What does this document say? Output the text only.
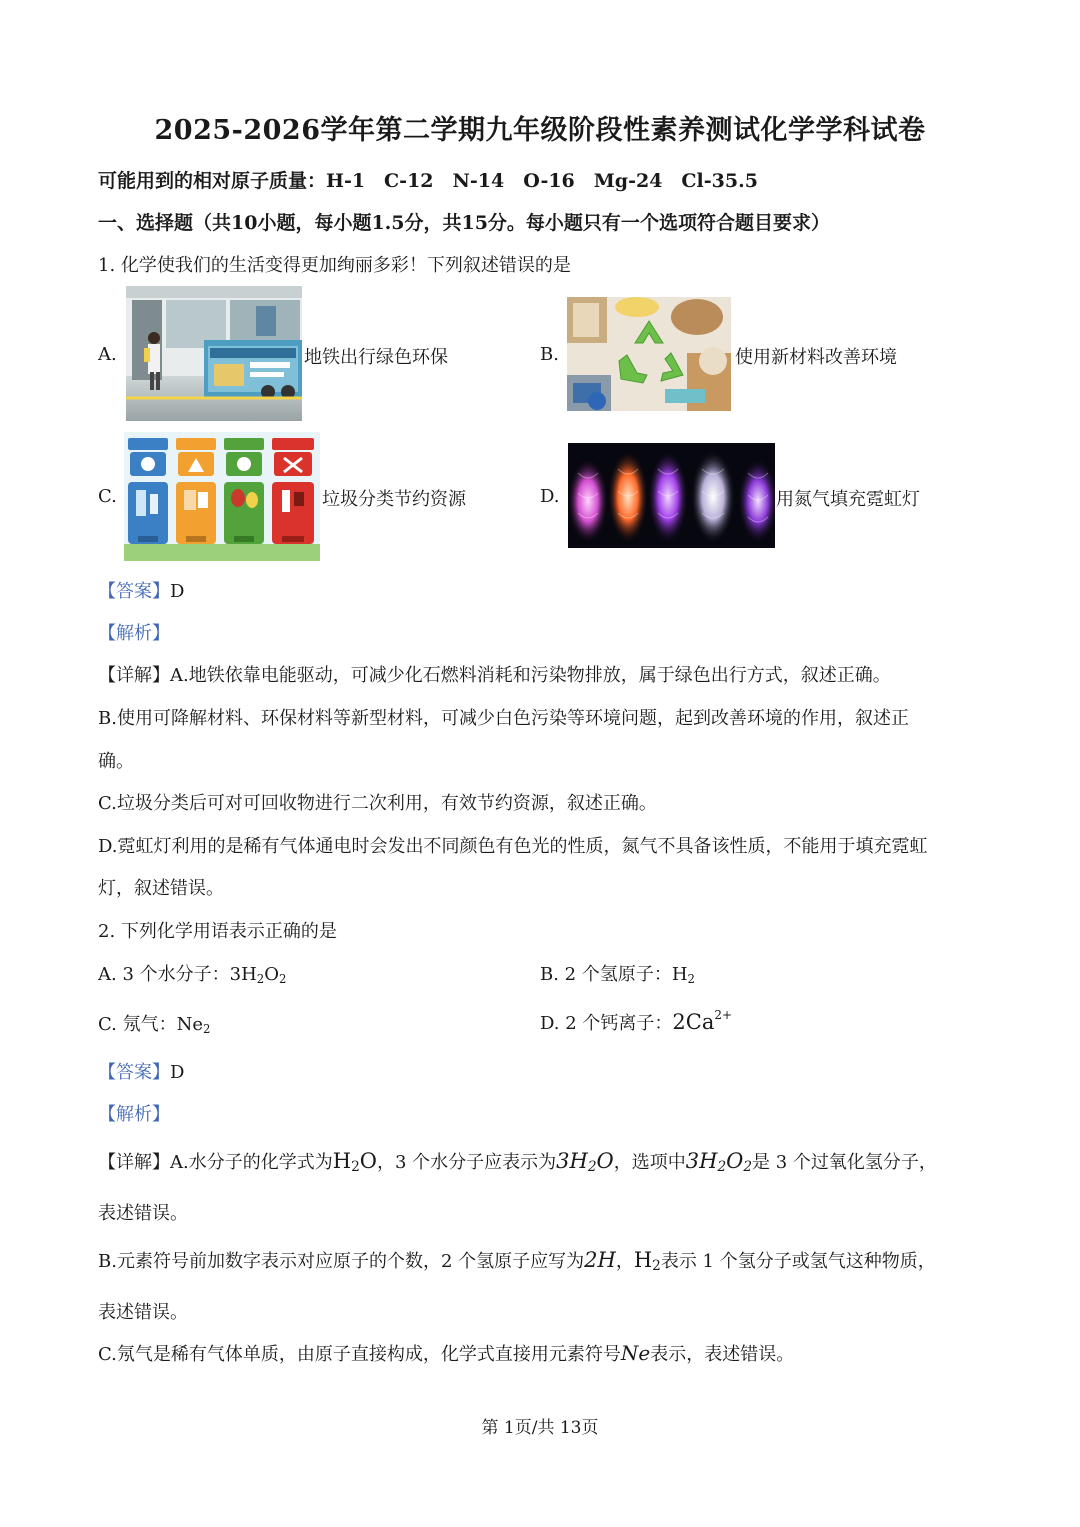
2025-2026学年第二学期九年级阶段性素养测试化学学科试卷
可能用到的相对原子质量：H-1　C-12　N-14　O-16　Mg-24　Cl-35.5
一、选择题（共10小题，每小题1.5分，共15分。每小题只有一个选项符合题目要求）
1. 化学使我们的生活变得更加绚丽多彩！下列叙述错误的是
A.	地铁出行绿色环保	B.	使用新材料改善环境
C.	垃圾分类节约资源	D.	用氮气填充霓虹灯
【答案】D
【解析】
【详解】A.地铁依靠电能驱动，可减少化石燃料消耗和污染物排放，属于绿色出行方式，叙述正确。
B.使用可降解材料、环保材料等新型材料，可减少白色污染等环境问题，起到改善环境的作用，叙述正
确。
C.垃圾分类后可对可回收物进行二次利用，有效节约资源，叙述正确。
D.霓虹灯利用的是稀有气体通电时会发出不同颜色有色光的性质，氮气不具备该性质，不能用于填充霓虹
灯，叙述错误。
2. 下列化学用语表示正确的是
A. 3 个水分子：$3H_2O_2$	B. 2 个氢原子：$H_2$
C. 氖气：$Ne_2$	D. 2 个钙离子：$2Ca^{2+}$
【答案】D
【解析】
【详解】A.水分子的化学式为$H_2O$，3 个水分子应表示为$3H_2O$，选项中$3H_2O_2$是 3 个过氧化氢分子，
表述错误。
B.元素符号前加数字表示对应原子的个数，2 个氢原子应写为2H，$H_2$表示 1 个氢分子或氢气这种物质，
表述错误。
C.氖气是稀有气体单质，由原子直接构成，化学式直接用元素符号Ne表示，表述错误。
第 1页/共 13页
